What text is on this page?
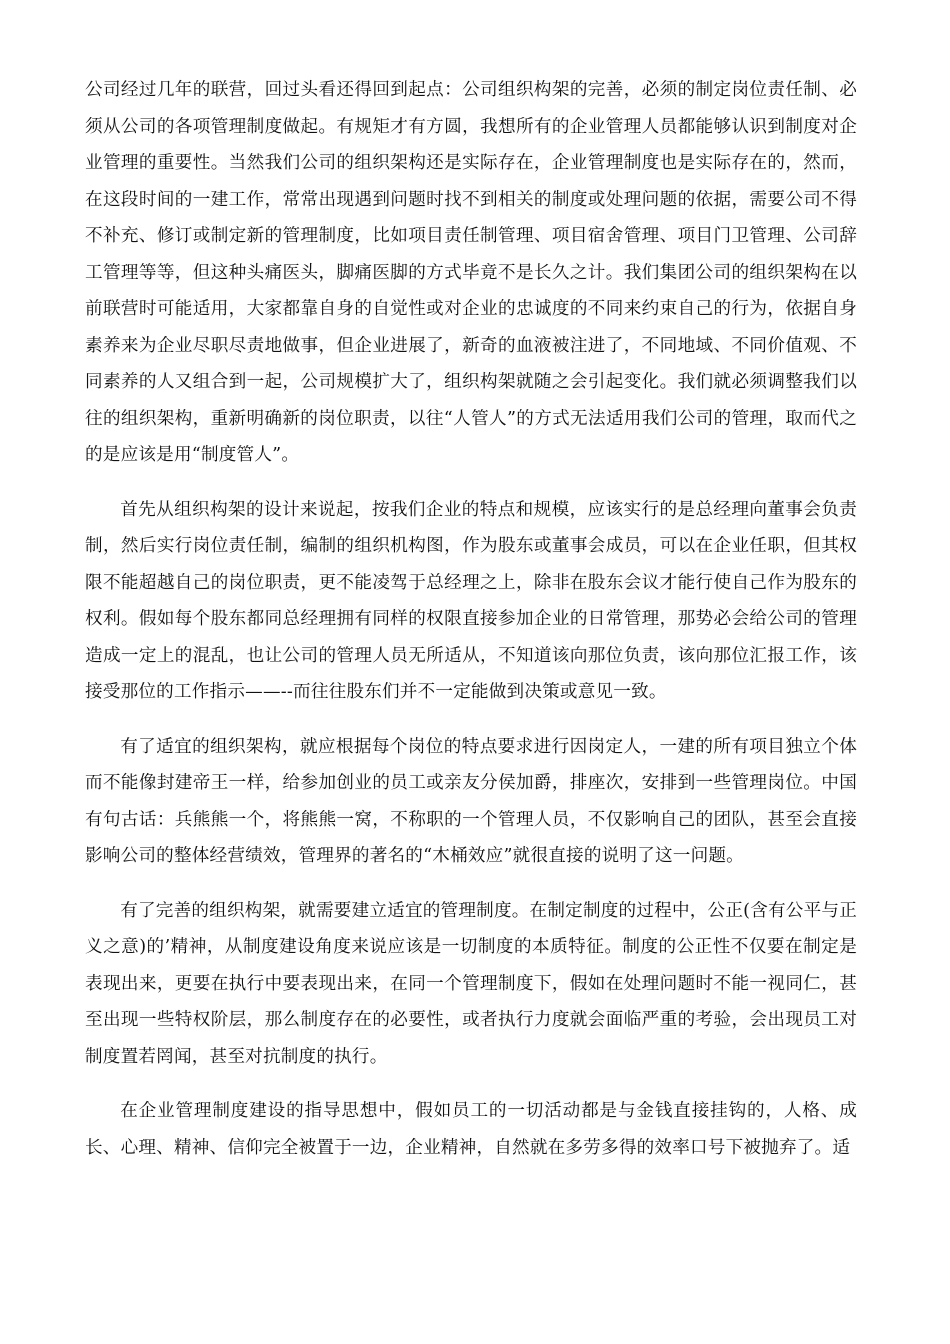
公司经过几年的联营，回过头看还得回到起点：公司组织构架的完善，必须的制定岗位责任制、必须从公司的各项管理制度做起。有规矩才有方圆，我想所有的企业管理人员都能够认识到制度对企业管理的重要性。当然我们公司的组织架构还是实际存在，企业管理制度也是实际存在的，然而，在这段时间的一建工作，常常出现遇到问题时找不到相关的制度或处理问题的依据，需要公司不得不补充、修订或制定新的管理制度，比如项目责任制管理、项目宿舍管理、项目门卫管理、公司辞工管理等等，但这种头痛医头，脚痛医脚的方式毕竟不是长久之计。我们集团公司的组织架构在以前联营时可能适用，大家都靠自身的自觉性或对企业的忠诚度的不同来约束自己的行为，依据自身素养来为企业尽职尽责地做事，但企业进展了，新奇的血液被注进了，不同地域、不同价值观、不同素养的人又组合到一起，公司规模扩大了，组织构架就随之会引起变化。我们就必须调整我们以往的组织架构，重新明确新的岗位职责，以往“人管人”的方式无法适用我们公司的管理，取而代之的是应该是用“制度管人”。

首先从组织构架的设计来说起，按我们企业的特点和规模，应该实行的是总经理向董事会负责制，然后实行岗位责任制，编制的组织机构图，作为股东或董事会成员，可以在企业任职，但其权限不能超越自己的岗位职责，更不能凌驾于总经理之上，除非在股东会议才能行使自己作为股东的权利。假如每个股东都同总经理拥有同样的权限直接参加企业的日常管理，那势必会给公司的管理造成一定上的混乱，也让公司的管理人员无所适从，不知道该向那位负责，该向那位汇报工作，该接受那位的工作指示——--而往往股东们并不一定能做到决策或意见一致。

有了适宜的组织架构，就应根据每个岗位的特点要求进行因岗定人，一建的所有项目独立个体而不能像封建帝王一样，给参加创业的员工或亲友分侯加爵，排座次，安排到一些管理岗位。中国有句古话：兵熊熊一个，将熊熊一窝，不称职的一个管理人员，不仅影响自己的团队，甚至会直接影响公司的整体经营绩效，管理界的著名的“木桶效应”就很直接的说明了这一问题。

有了完善的组织构架，就需要建立适宜的管理制度。在制定制度的过程中，公正(含有公平与正义之意)的’精神，从制度建设角度来说应该是一切制度的本质特征。制度的公正性不仅要在制定是表现出来，更要在执行中要表现出来，在同一个管理制度下，假如在处理问题时不能一视同仁，甚至出现一些特权阶层，那么制度存在的必要性，或者执行力度就会面临严重的考验，会出现员工对制度置若罔闻，甚至对抗制度的执行。

在企业管理制度建设的指导思想中，假如员工的一切活动都是与金钱直接挂钩的，人格、成长、心理、精神、信仰完全被置于一边，企业精神，自然就在多劳多得的效率口号下被抛弃了。适
